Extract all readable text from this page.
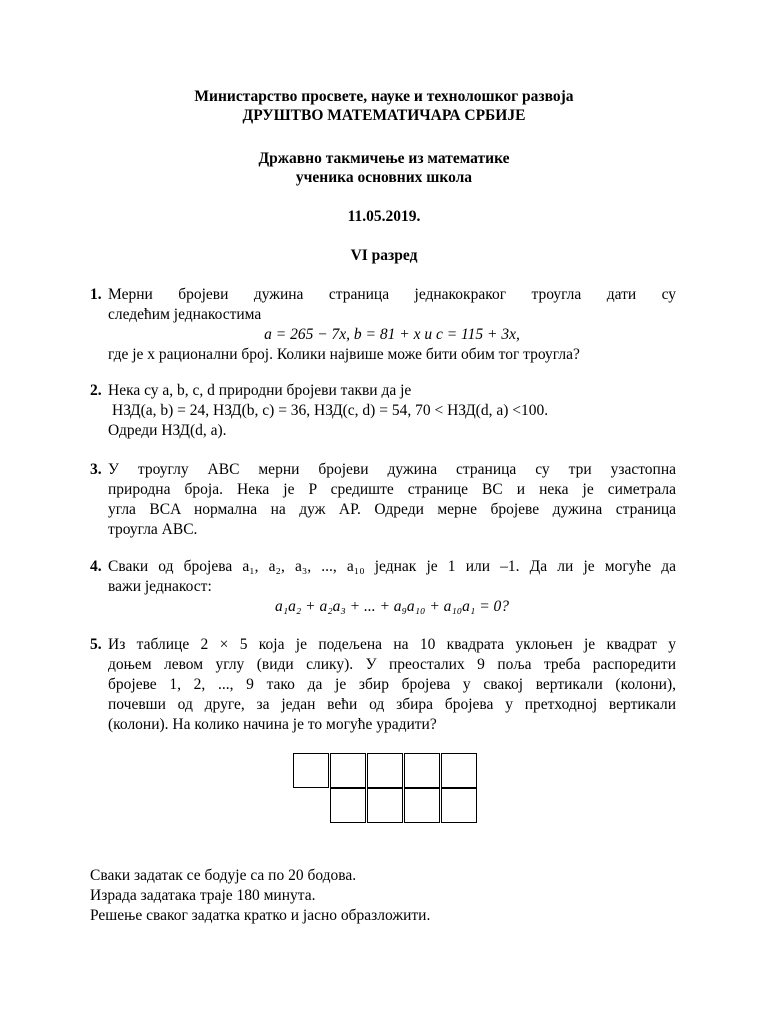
Министарство просвете, науке и технолошког развоја
ДРУШТВО МАТЕМАТИЧАРА СРБИЈЕ
Државно такмичење из математике
ученика основних школа
11.05.2019.
VI разред
1. Мерни бројеви дужина страница једнакокраког троугла дати су
следећим једнакостима
a = 265 − 7x, b = 81 + x и c = 115 + 3x,
где је x рационални број. Колики највише може бити обим тог троугла?
2. Нека су a, b, c, d природни бројеви такви да је
НЗД(a, b) = 24, НЗД(b, c) = 36, НЗД(c, d) = 54, 70 < НЗД(d, a) <100.
Одреди НЗД(d, a).
3. У троуглу ABC мерни бројеви дужина страница су три узастопна
природна броја. Нека је P средиште странице BC и нека је симетрала
угла BCA нормална на дуж AP. Одреди мерне бројеве дужина страница
троугла ABC.
4. Сваки од бројева a₁, a₂, a₃, ..., a₁₀ једнак је 1 или –1. Да ли је могуће да
важи једнакост:
a₁a₂ + a₂a₃ + ... + a₉a₁₀ + a₁₀a₁ = 0?
5. Из таблице 2 × 5 која је подељена на 10 квадрата уклоњен је квадрат у
доњем левом углу (види слику). У преосталих 9 поља треба распоредити
бројеве 1, 2, ..., 9 тако да је збир бројева у свакој вертикали (колони),
почевши од друге, за један већи од збира бројева у претходној вертикали
(колони). На колико начина је то могуће урадити?
Сваки задатак се бодује са по 20 бодова.
Израда задатака траје 180 минута.
Решење сваког задатка кратко и јасно образложити.
